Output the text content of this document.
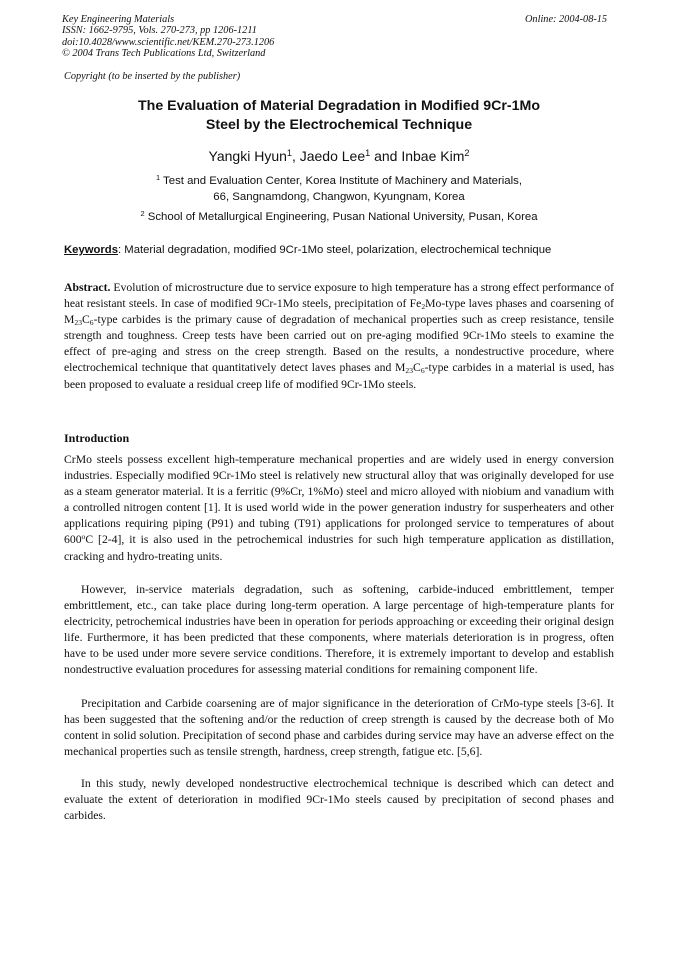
Key Engineering Materials
ISSN: 1662-9795, Vols. 270-273, pp 1206-1211
doi:10.4028/www.scientific.net/KEM.270-273.1206
© 2004 Trans Tech Publications Ltd, Switzerland
Online: 2004-08-15
Copyright (to be inserted by the publisher)
The Evaluation of Material Degradation in Modified 9Cr-1Mo
Steel by the Electrochemical Technique
Yangki Hyun$^1$, Jaedo Lee$^1$ and Inbae Kim$^2$
$^1$ Test and Evaluation Center, Korea Institute of Machinery and Materials,
66, Sangnamdong, Changwon, Kyungnam, Korea
$^2$ School of Metallurgical Engineering, Pusan National University, Pusan, Korea
Keywords: Material degradation, modified 9Cr-1Mo steel, polarization, electrochemical technique

Abstract. Evolution of microstructure due to service exposure to high temperature has a strong effect performance of heat resistant steels. In case of modified 9Cr-1Mo steels, precipitation of $Fe_2Mo$-type laves phases and coarsening of $M_{23}C_6$-type carbides is the primary cause of degradation of mechanical properties such as creep resistance, tensile strength and toughness. Creep tests have been carried out on pre-aging modified 9Cr-1Mo steels to examine the effect of pre-aging and stress on the creep strength. Based on the results, a nondestructive procedure, where electrochemical technique that quantitatively detect laves phases and $M_{23}C_6$-type carbides in a material is used, has been proposed to evaluate a residual creep life of modified 9Cr-1Mo steels.

Introduction

CrMo steels possess excellent high-temperature mechanical properties and are widely used in energy conversion industries. Especially modified 9Cr-1Mo steel is relatively new structural alloy that was originally developed for use as a steam generator material. It is a ferritic (9%Cr, 1%Mo) steel and micro alloyed with niobium and vanadium with a controlled nitrogen content [1]. It is used world wide in the power generation industry for susperheaters and other applications requiring piping (P91) and tubing (T91) applications for prolonged service to temperatures of about 600$^o$C [2-4], it is also used in the petrochemical industries for such high temperature application as distillation, cracking and hydro-treating units.

However, in-service materials degradation, such as softening, carbide-induced embrittlement, temper embrittlement, etc., can take place during long-term operation. A large percentage of high-temperature plants for electricity, petrochemical industries have been in operation for periods approaching or exceeding their original design life. Furthermore, it has been predicted that these components, where materials deterioration is in progress, often have to be used under more severe service conditions. Therefore, it is extremely important to develop and establish nondestructive evaluation procedures for assessing material conditions for remaining component life.

Precipitation and Carbide coarsening are of major significance in the deterioration of CrMo-type steels [3-6]. It has been suggested that the softening and/or the reduction of creep strength is caused by the decrease both of Mo content in solid solution. Precipitation of second phase and carbides during service may have an adverse effect on the mechanical properties such as tensile strength, hardness, creep strength, fatigue etc. [5,6].

In this study, newly developed nondestructive electrochemical technique is described which can detect and evaluate the extent of deterioration in modified 9Cr-1Mo steels caused by precipitation of second phases and carbides.
